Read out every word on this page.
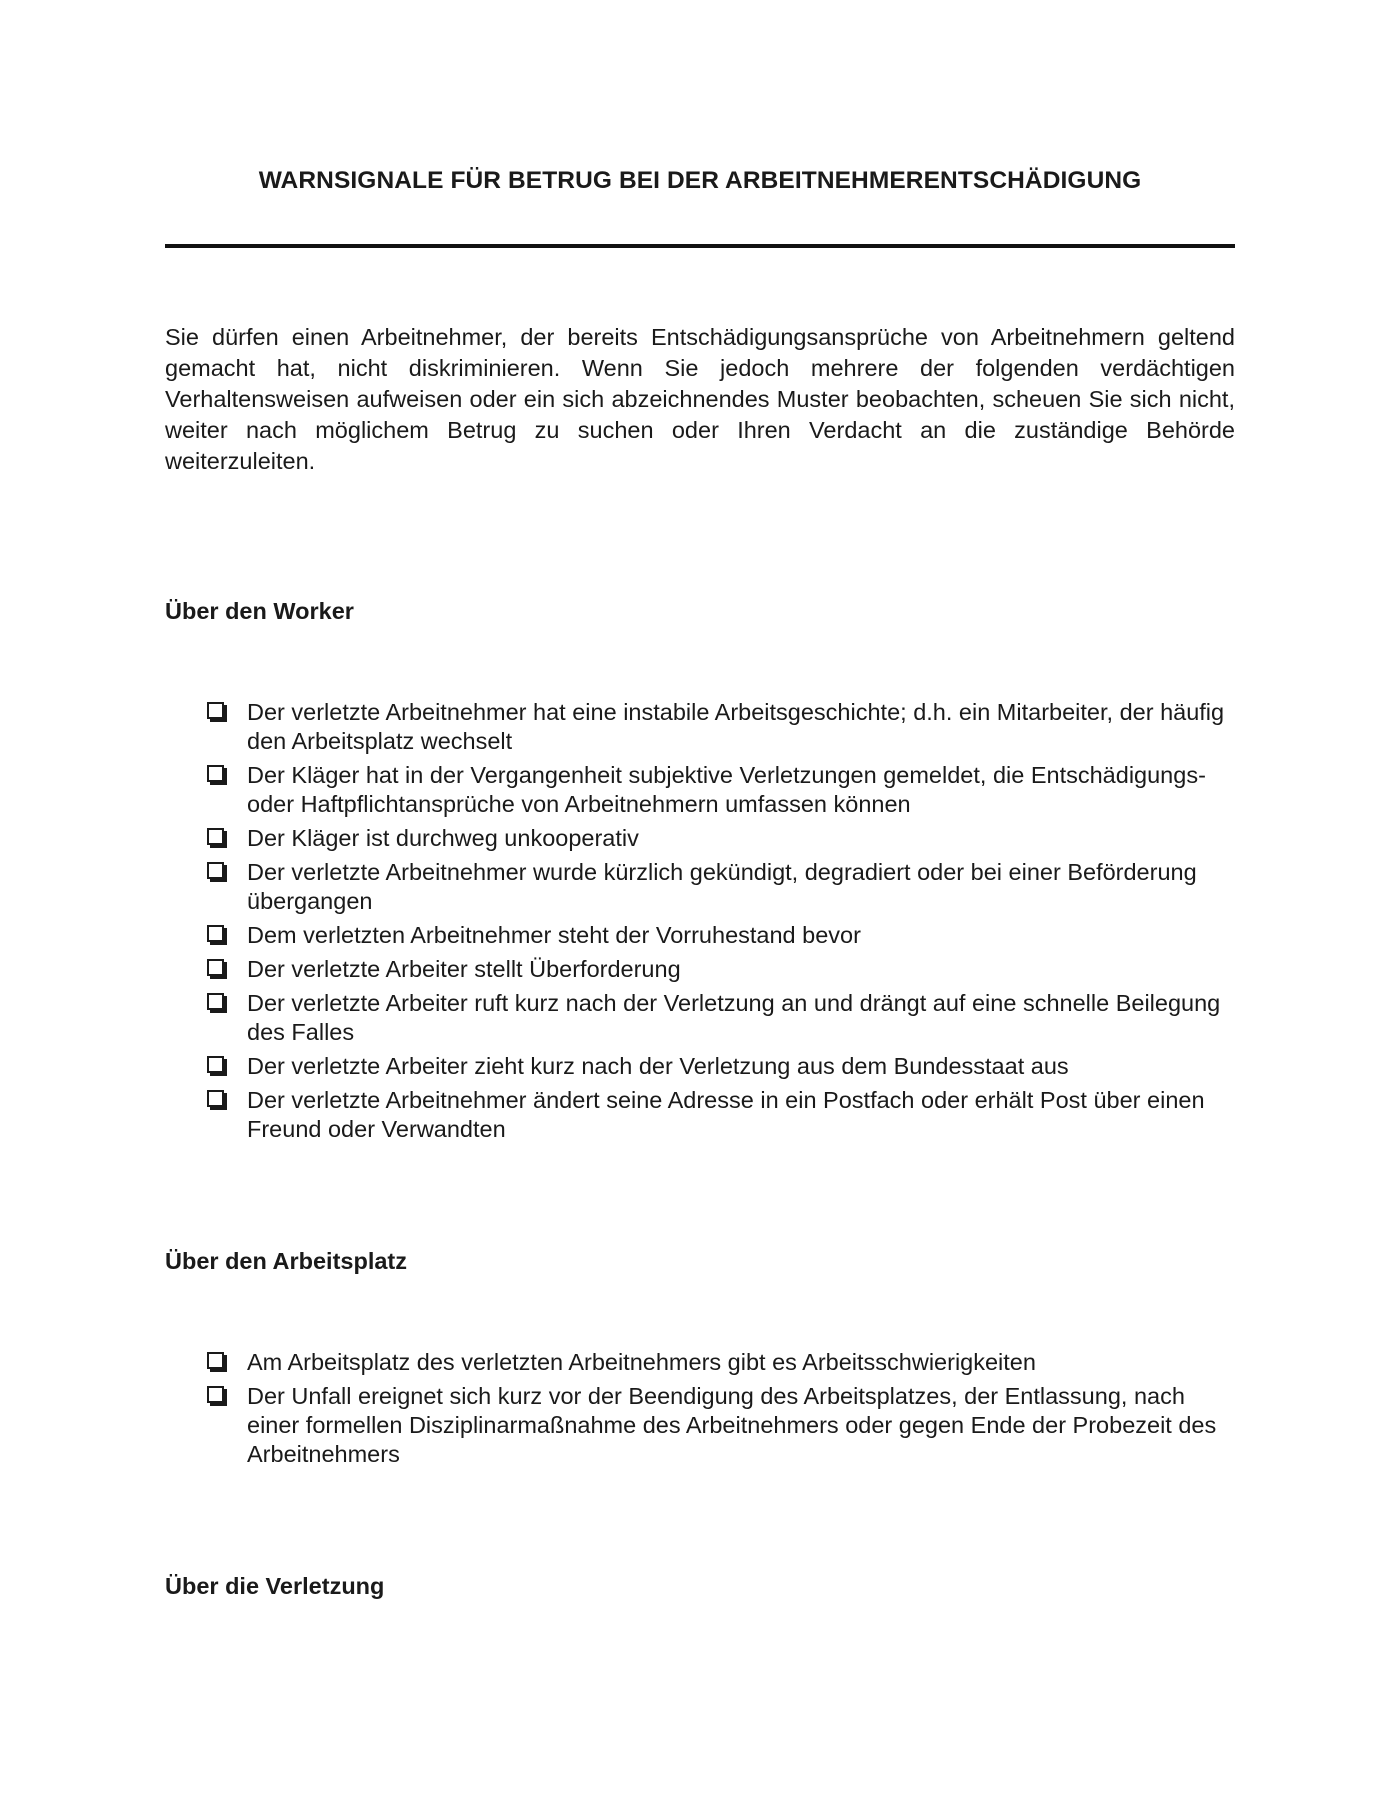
WARNSIGNALE FÜR BETRUG BEI DER ARBEITNEHMERENTSCHÄDIGUNG

Sie dürfen einen Arbeitnehmer, der bereits Entschädigungsansprüche von Arbeitnehmern geltend gemacht hat, nicht diskriminieren. Wenn Sie jedoch mehrere der folgenden verdächtigen Verhaltensweisen aufweisen oder ein sich abzeichnendes Muster beobachten, scheuen Sie sich nicht, weiter nach möglichem Betrug zu suchen oder Ihren Verdacht an die zuständige Behörde weiterzuleiten.

Über den Worker
Der verletzte Arbeitnehmer hat eine instabile Arbeitsgeschichte; d.h. ein Mitarbeiter, der häufig den Arbeitsplatz wechselt
Der Kläger hat in der Vergangenheit subjektive Verletzungen gemeldet, die Entschädigungs- oder Haftpflichtansprüche von Arbeitnehmern umfassen können
Der Kläger ist durchweg unkooperativ
Der verletzte Arbeitnehmer wurde kürzlich gekündigt, degradiert oder bei einer Beförderung übergangen
Dem verletzten Arbeitnehmer steht der Vorruhestand bevor
Der verletzte Arbeiter stellt Überforderung
Der verletzte Arbeiter ruft kurz nach der Verletzung an und drängt auf eine schnelle Beilegung des Falles
Der verletzte Arbeiter zieht kurz nach der Verletzung aus dem Bundesstaat aus
Der verletzte Arbeitnehmer ändert seine Adresse in ein Postfach oder erhält Post über einen Freund oder Verwandten
Über den Arbeitsplatz
Am Arbeitsplatz des verletzten Arbeitnehmers gibt es Arbeitsschwierigkeiten
Der Unfall ereignet sich kurz vor der Beendigung des Arbeitsplatzes, der Entlassung, nach einer formellen Disziplinarmaßnahme des Arbeitnehmers oder gegen Ende der Probezeit des Arbeitnehmers
Über die Verletzung
